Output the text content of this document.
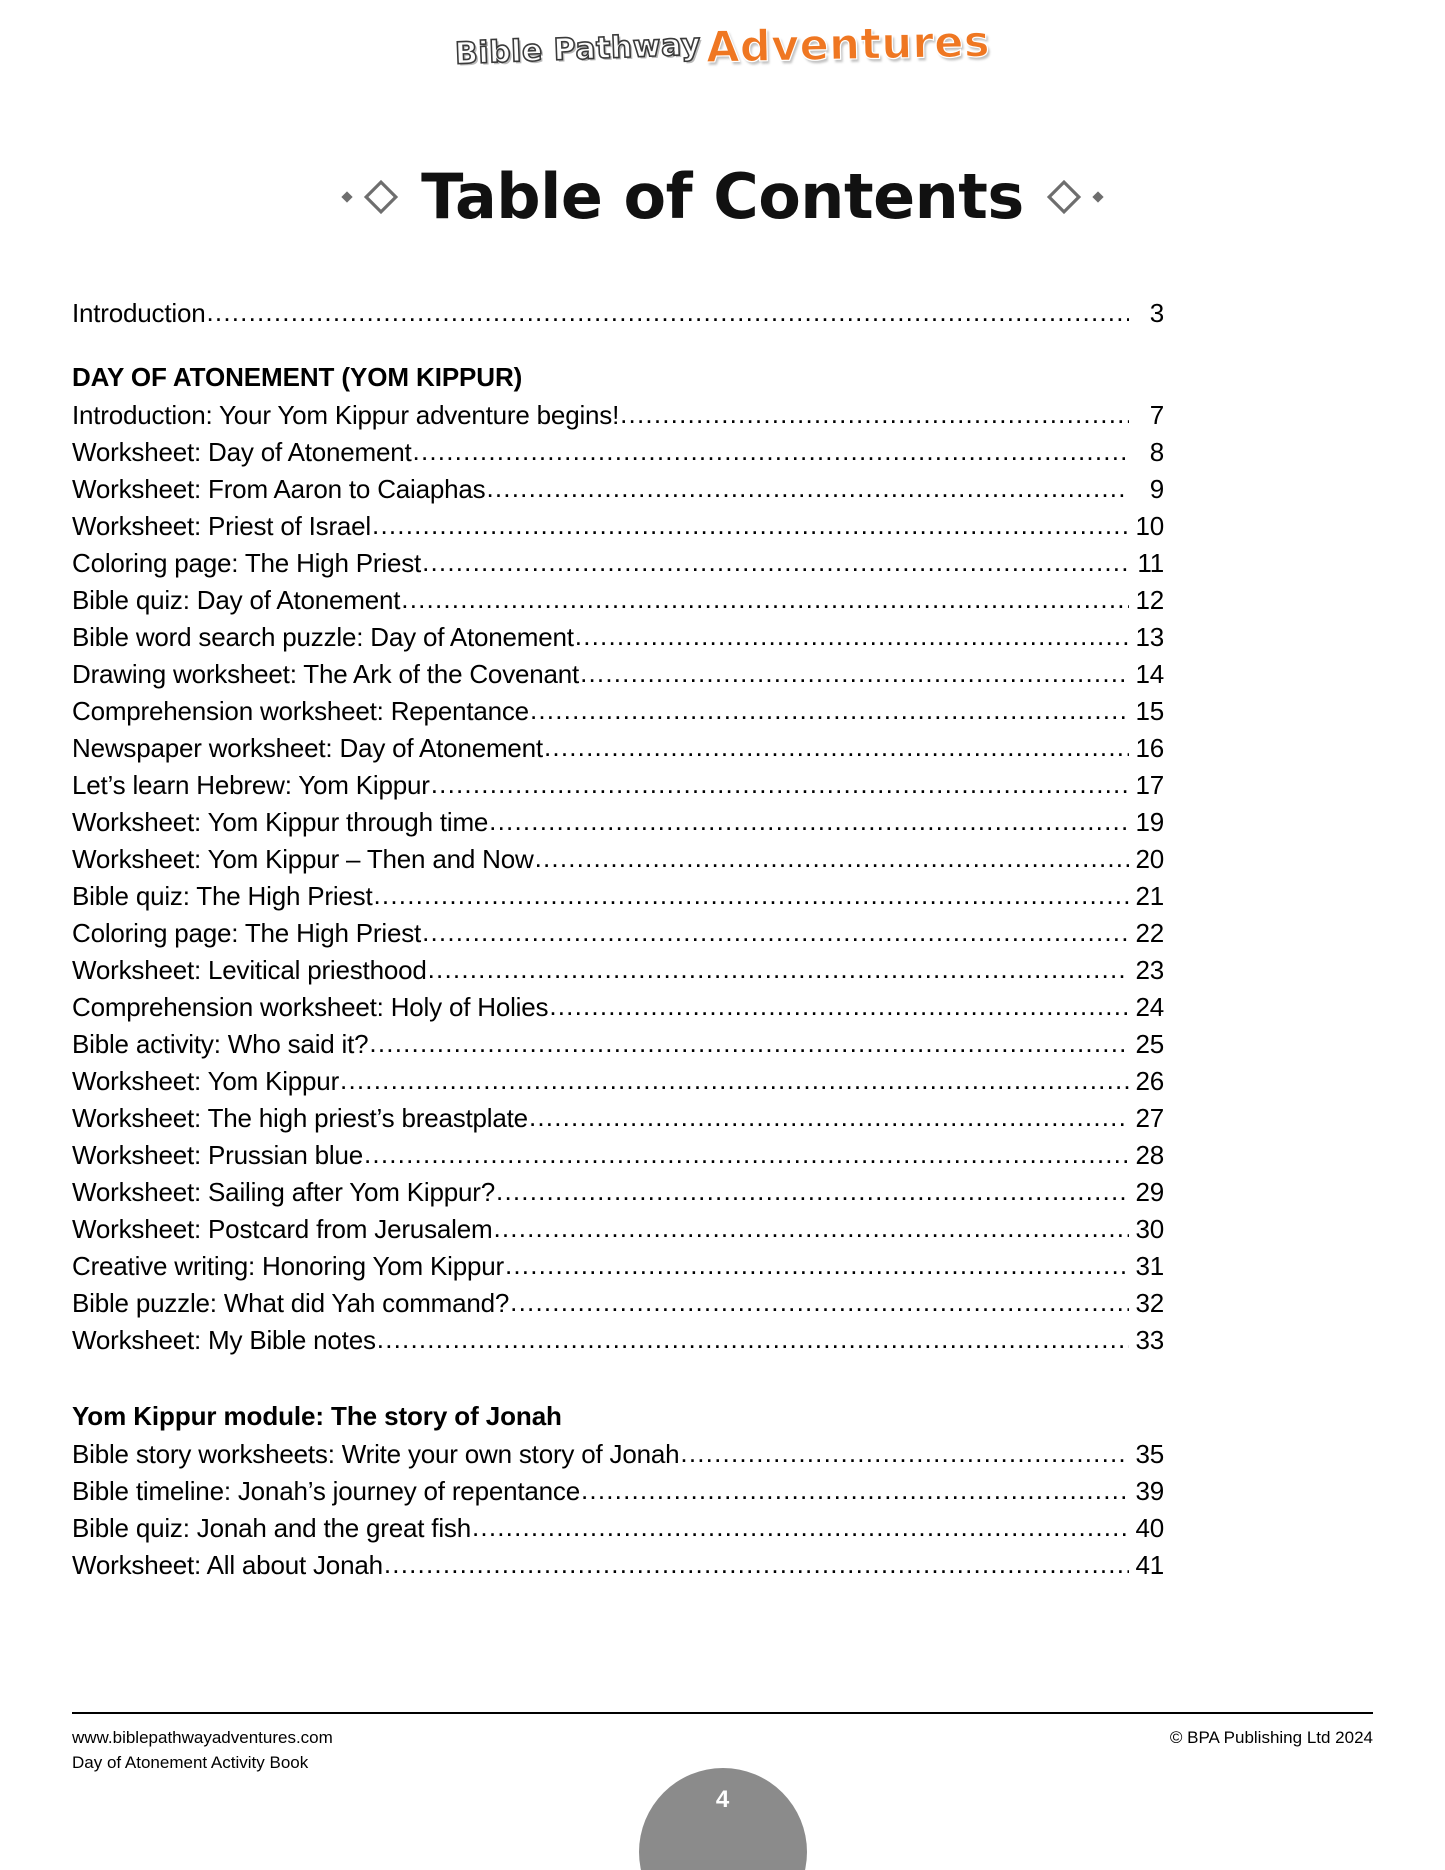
Bible Pathway Adventures
Table of Contents
Introduction .....	3
DAY OF ATONEMENT (YOM KIPPUR)
Introduction: Your Yom Kippur adventure begins! .....	7
Worksheet: Day of Atonement .....	8
Worksheet: From Aaron to Caiaphas .....	9
Worksheet: Priest of Israel .....	10
Coloring page: The High Priest .....	11
Bible quiz: Day of Atonement .....	12
Bible word search puzzle: Day of Atonement .....	13
Drawing worksheet: The Ark of the Covenant .....	14
Comprehension worksheet: Repentance .....	15
Newspaper worksheet: Day of Atonement .....	16
Let’s learn Hebrew: Yom Kippur .....	17
Worksheet: Yom Kippur through time .....	19
Worksheet: Yom Kippur – Then and Now .....	20
Bible quiz: The High Priest .....	21
Coloring page: The High Priest .....	22
Worksheet: Levitical priesthood .....	23
Comprehension worksheet: Holy of Holies .....	24
Bible activity: Who said it? .....	25
Worksheet: Yom Kippur .....	26
Worksheet: The high priest’s breastplate .....	27
Worksheet: Prussian blue .....	28
Worksheet: Sailing after Yom Kippur? .....	29
Worksheet: Postcard from Jerusalem .....	30
Creative writing: Honoring Yom Kippur .....	31
Bible puzzle: What did Yah command? .....	32
Worksheet: My Bible notes .....	33
Yom Kippur module: The story of Jonah
Bible story worksheets: Write your own story of Jonah .....	35
Bible timeline: Jonah’s journey of repentance .....	39
Bible quiz: Jonah and the great fish .....	40
Worksheet: All about Jonah .....	41
www.biblepathwayadventures.com
Day of Atonement Activity Book
© BPA Publishing Ltd 2024
4
